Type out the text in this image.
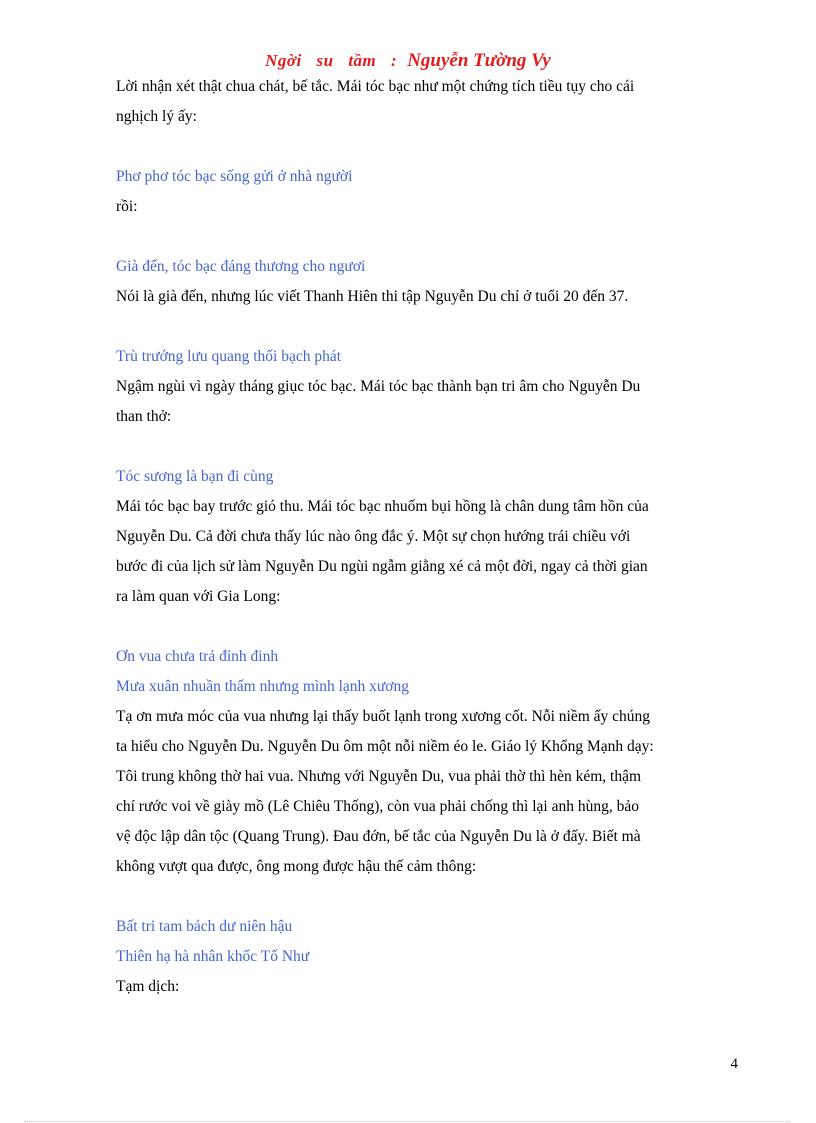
Ngời su tầm : Nguyễn Tường Vy
Lời nhận xét thật chua chát, bế tắc. Mái tóc bạc như một chứng tích tiều tụy cho cái
nghịch lý ấy:
Phơ phơ tóc bạc sống gửi ở nhà người
rồi:
Già đến, tóc bạc đáng thương cho ngươi
Nói là già đến, nhưng lúc viết Thanh Hiên thi tập Nguyễn Du chỉ ở tuổi 20 đến 37.
Trù trướng lưu quang thối bạch phát
Ngậm ngùi vì ngày tháng giục tóc bạc. Mái tóc bạc thành bạn tri âm cho Nguyễn Du
than thở:
Tóc sương là bạn đi cùng
Mái tóc bạc bay trước gió thu. Mái tóc bạc nhuốm bụi hồng là chân dung tâm hồn của
Nguyễn Du. Cả đời chưa thấy lúc nào ông đắc ý. Một sự chọn hướng trái chiều với
bước đi của lịch sử làm Nguyễn Du ngùi ngẫm giằng xé cả một đời, ngay cả thời gian
ra làm quan với Gia Long:
Ơn vua chưa trả đỉnh đinh
Mưa xuân nhuần thấm nhưng mình lạnh xương
Tạ ơn mưa móc của vua nhưng lại thấy buốt lạnh trong xương cốt. Nỗi niềm ấy chúng
ta hiểu cho Nguyễn Du. Nguyễn Du ôm một nỗi niềm éo le. Giáo lý Khổng Mạnh dạy:
Tôi trung không thờ hai vua. Nhưng với Nguyễn Du, vua phải thờ thì hèn kém, thậm
chí rước voi về giày mồ (Lê Chiêu Thống), còn vua phải chống thì lại anh hùng, bảo
vệ độc lập dân tộc (Quang Trung). Đau đớn, bế tắc của Nguyễn Du là ở đấy. Biết mà
không vượt qua được, ông mong được hậu thế cảm thông:
Bất tri tam bách dư niên hậu
Thiên hạ hà nhân khốc Tố Như
Tạm dịch:
4
